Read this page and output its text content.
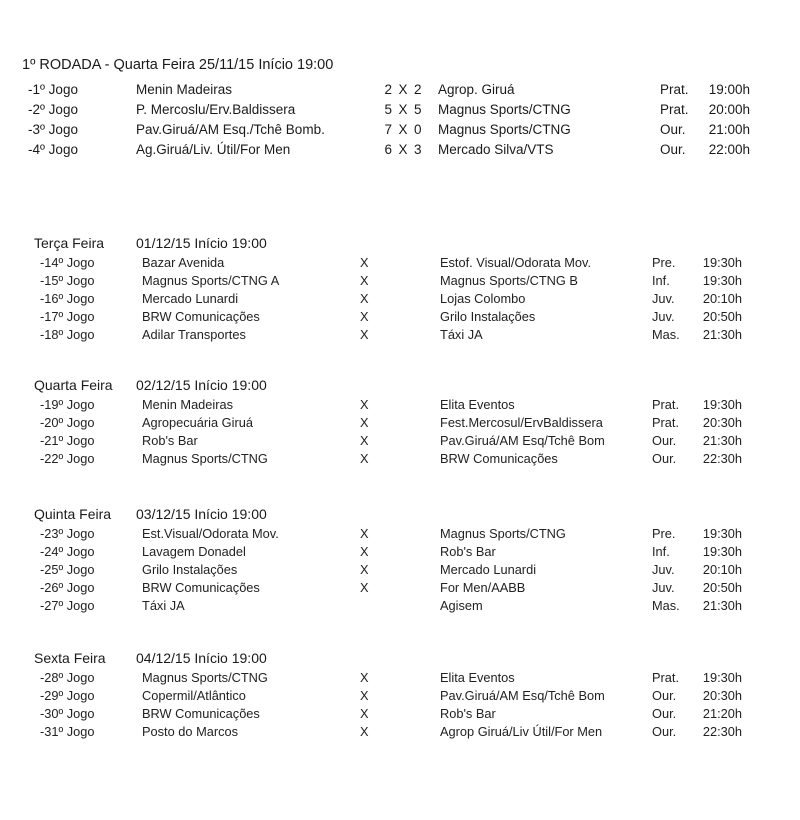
1º RODADA - Quarta Feira 25/11/15 Início 19:00
-1º Jogo	Menin Madeiras	2	X	2	Agrop. Giruá	Prat.	19:00h
-2º Jogo	P. Mercoslu/Erv.Baldissera	5	X	5	Magnus Sports/CTNG	Prat.	20:00h
-3º Jogo	Pav.Giruá/AM Esq./Tchê Bomb.	7	X	0	Magnus Sports/CTNG	Our.	21:00h
-4º Jogo	Ag.Giruá/Liv. Útil/For Men	6	X	3	Mercado Silva/VTS	Our.	22:00h
Terça Feira 01/12/15 Início 19:00
-14º Jogo	Bazar Avenida	X	Estof. Visual/Odorata Mov.	Pre.	19:30h
-15º Jogo	Magnus Sports/CTNG A	X	Magnus Sports/CTNG B	Inf.	19:30h
-16º Jogo	Mercado Lunardi	X	Lojas Colombo	Juv.	20:10h
-17º Jogo	BRW Comunicações	X	Grilo Instalações	Juv.	20:50h
-18º Jogo	Adilar Transportes	X	Táxi JA	Mas.	21:30h
Quarta Feira 02/12/15 Início 19:00
-19º Jogo	Menin Madeiras	X	Elita Eventos	Prat.	19:30h
-20º Jogo	Agropecuária Giruá	X	Fest.Mercosul/ErvBaldissera	Prat.	20:30h
-21º Jogo	Rob's Bar	X	Pav.Giruá/AM Esq/Tchê Bom	Our.	21:30h
-22º Jogo	Magnus Sports/CTNG	X	BRW Comunicações	Our.	22:30h
Quinta Feira 03/12/15 Início 19:00
-23º Jogo	Est.Visual/Odorata Mov.	X	Magnus Sports/CTNG	Pre.	19:30h
-24º Jogo	Lavagem Donadel	X	Rob's Bar	Inf.	19:30h
-25º Jogo	Grilo Instalações	X	Mercado Lunardi	Juv.	20:10h
-26º Jogo	BRW Comunicações	X	For Men/AABB	Juv.	20:50h
-27º Jogo	Táxi JA		Agisem	Mas.	21:30h
Sexta Feira 04/12/15 Início 19:00
-28º Jogo	Magnus Sports/CTNG	X	Elita Eventos	Prat.	19:30h
-29º Jogo	Copermil/Atlântico	X	Pav.Giruá/AM Esq/Tchê Bom	Our.	20:30h
-30º Jogo	BRW Comunicações	X	Rob's Bar	Our.	21:20h
-31º Jogo	Posto do Marcos	X	Agrop Giruá/Liv Útil/For Men	Our.	22:30h
